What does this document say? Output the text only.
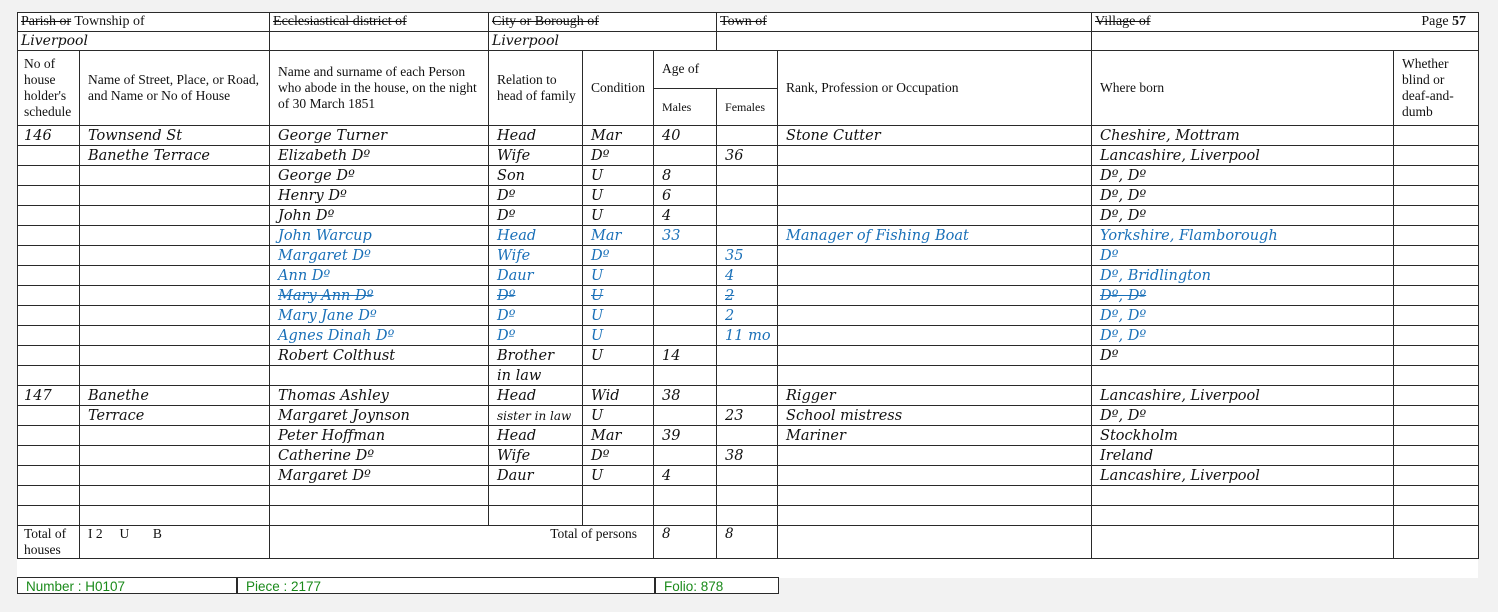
Parish or Township of		Ecclesiastical district of	City or Borough of			Town of		Village of Page 57	

Liverpool			Liverpool						
No of house holder's schedule	Name of Street, Place, or Road, and Name or No of House	Name and surname of each Person who abode in the house, on the night of 30 March 1851	Relation to head of family	Condition	Age of		Rank, Profession or Occupation	Where born	Whether blind or deaf-and-dumb
					Males	Females			
146	Townsend St	George Turner	Head	Mar	40		Stone Cutter	Cheshire, Mottram	
	Banethe Terrace	Elizabeth Dº	Wife	Dº		36		Lancashire, Liverpool	
		George Dº	Son	U	8			Dº, Dº	
		Henry Dº	Dº	U	6			Dº, Dº	
		John Dº	Dº	U	4			Dº, Dº	
		John Warcup	Head	Mar	33		Manager of Fishing Boat	Yorkshire, Flamborough	
		Margaret Dº	Wife	Dº		35		Dº	
		Ann Dº	Daur	U		4		Dº, Bridlington	
		Mary Ann Dº	Dº	U		2		Dº, Dº	
		Mary Jane Dº	Dº	U		2		Dº, Dº	
		Agnes Dinah Dº	Dº	U		11 mo		Dº, Dº	
		Robert Colthust	Brother	U	14			Dº	
			in law						
147	Banethe	Thomas Ashley	Head	Wid	38		Rigger	Lancashire, Liverpool	
	Terrace	Margaret Joynson	sister in law	U		23	School mistress	Dº, Dº	
		Peter Hoffman	Head	Mar	39		Mariner	Stockholm	
		Catherine Dº	Wife	Dº		38		Ireland	
		Margaret Dº	Daur	U	4			Lancashire, Liverpool	

Total of houses	I 2     U       B	Total of persons			8	8			
Number : H0107	Piece : 2177	Folio: 878
